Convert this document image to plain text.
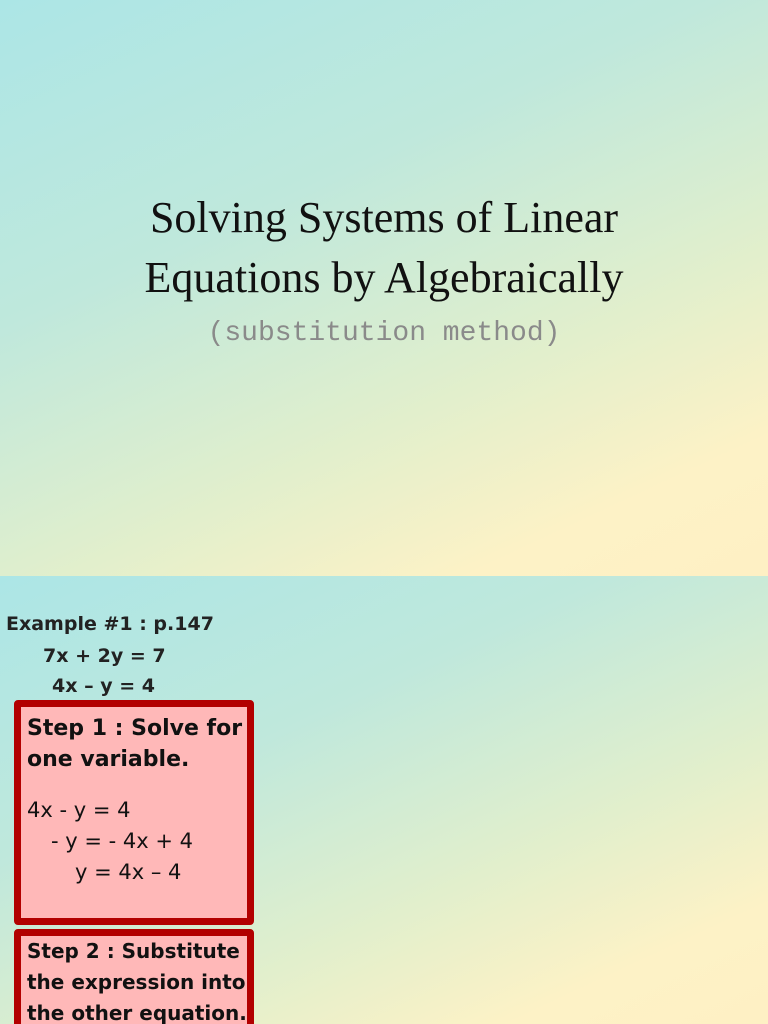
Solving Systems of Linear
Equations by Algebraically
(substitution method)
Example #1 : p.147
7x + 2y = 7
4x – y = 4
Step 1 : Solve for
one variable.
4x - y = 4
- y = - 4x + 4
y = 4x – 4
Step 2 : Substitute
the expression into
the other equation.
